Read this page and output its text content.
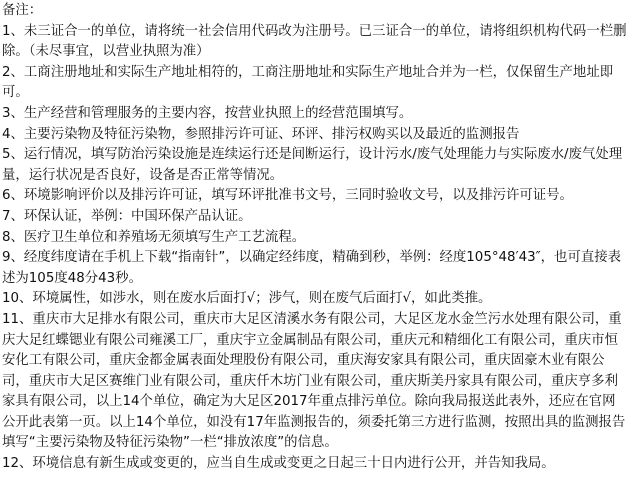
备注：
1、未三证合一的单位，请将统一社会信用代码改为注册号。已三证合一的单位，请将组织机构代码一栏删除。（未尽事宜，以营业执照为准）
2、工商注册地址和实际生产地址相符的，工商注册地址和实际生产地址合并为一栏，仅保留生产地址即可。
3、生产经营和管理服务的主要内容，按营业执照上的经营范围填写。
4、主要污染物及特征污染物，参照排污许可证、环评、排污权购买以及最近的监测报告
5、运行情况，填写防治污染设施是连续运行还是间断运行，设计污水/废气处理能力与实际废水/废气处理量，运行状况是否良好，设备是否正常等情况。
6、环境影响评价以及排污许可证，填写环评批准书文号，三同时验收文号，以及排污许可证号。
7、环保认证，举例：中国环保产品认证。
8、医疗卫生单位和养殖场无须填写生产工艺流程。
9、经度纬度请在手机上下载“指南针”，以确定经纬度，精确到秒，举例：经度105°48′43″，也可直接表述为105度48分43秒。
10、环境属性，如涉水，则在废水后面打√；涉气，则在废气后面打√，如此类推。
11、重庆市大足排水有限公司，重庆市大足区清溪水务有限公司，大足区龙水金竺污水处理有限公司，重庆大足红蝶锶业有限公司雍溪工厂，重庆宇立金属制品有限公司，重庆元和精细化工有限公司，重庆市恒安化工有限公司，重庆金都金属表面处理股份有限公司，重庆海安家具有限公司，重庆固豪木业有限公司，重庆市大足区赛维门业有限公司，重庆仟木坊门业有限公司，重庆斯美丹家具有限公司，重庆亨多利家具有限公司，以上14个单位，确定为大足区2017年重点排污单位。除向我局报送此表外，还应在官网公开此表第一页。以上14个单位，如没有17年监测报告的，须委托第三方进行监测，按照出具的监测报告填写“主要污染物及特征污染物”一栏“排放浓度”的信息。
12、环境信息有新生成或变更的，应当自生成或变更之日起三十日内进行公开，并告知我局。
